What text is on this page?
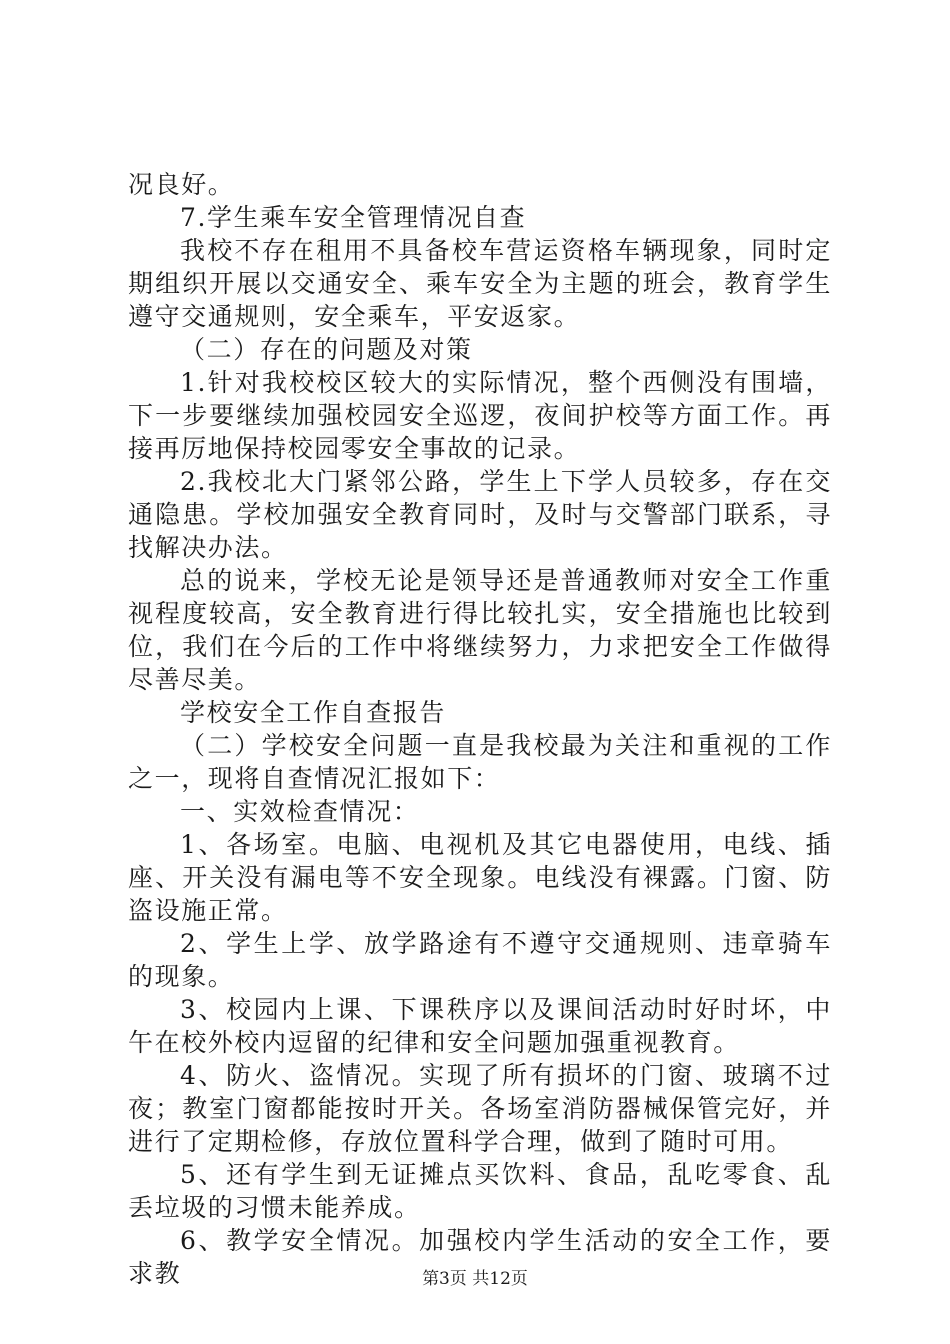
况良好。

7.学生乘车安全管理情况自查

我校不存在租用不具备校车营运资格车辆现象，同时定期组织开展以交通安全、乘车安全为主题的班会，教育学生遵守交通规则，安全乘车，平安返家。

（二）存在的问题及对策

1.针对我校校区较大的实际情况，整个西侧没有围墙，下一步要继续加强校园安全巡逻，夜间护校等方面工作。再接再厉地保持校园零安全事故的记录。

2.我校北大门紧邻公路，学生上下学人员较多，存在交通隐患。学校加强安全教育同时，及时与交警部门联系，寻找解决办法。

总的说来，学校无论是领导还是普通教师对安全工作重视程度较高，安全教育进行得比较扎实，安全措施也比较到位，我们在今后的工作中将继续努力，力求把安全工作做得尽善尽美。

学校安全工作自查报告

（二）学校安全问题一直是我校最为关注和重视的工作之一，现将自查情况汇报如下：

一、实效检查情况：

1、各场室。电脑、电视机及其它电器使用，电线、插座、开关没有漏电等不安全现象。电线没有裸露。门窗、防盗设施正常。

2、学生上学、放学路途有不遵守交通规则、违章骑车的现象。

3、校园内上课、下课秩序以及课间活动时好时坏，中午在校外校内逗留的纪律和安全问题加强重视教育。

4、防火、盗情况。实现了所有损坏的门窗、玻璃不过夜；教室门窗都能按时开关。各场室消防器械保管完好，并进行了定期检修，存放位置科学合理，做到了随时可用。

5、还有学生到无证摊点买饮料、食品，乱吃零食、乱丢垃圾的习惯未能养成。

6、教学安全情况。加强校内学生活动的安全工作，要求教	第3页 共12页
